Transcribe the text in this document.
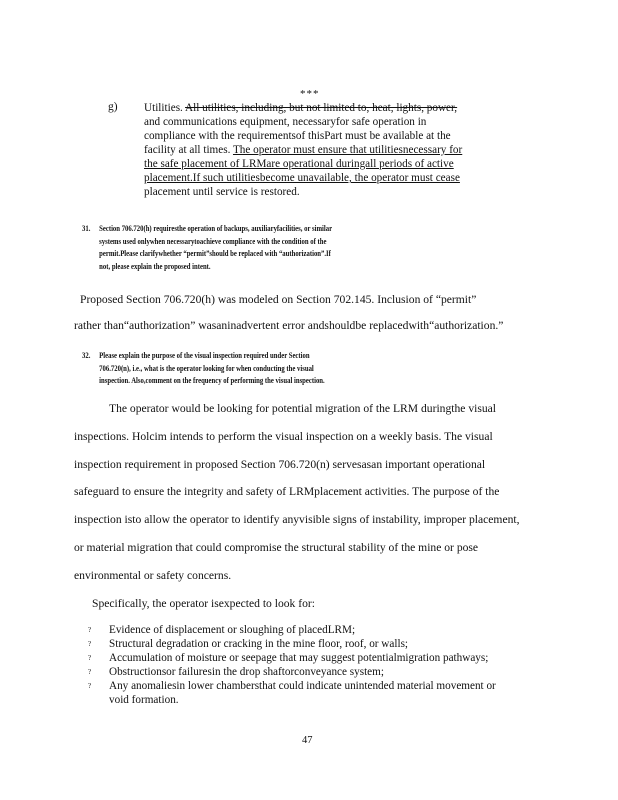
***
g) Utilities. All utilities, including, but not limited to, heat, lights, power,
and communications equipment, necessaryfor safe operation in
compliance with the requirementsof thisPart must be available at the
facility at all times. The operator must ensure that utilitiesnecessary for
the safe placement of LRMare operational duringall periods of active
placement.If such utilitiesbecome unavailable, the operator must cease
placement until service is restored.
31. Section 706.720(h) requiresthe operation of backups, auxiliaryfacilities, or similar
systems used onlywhen necessarytoachieve compliance with the condition of the
permit.Please clarifywhether “permit”should be replaced with “authorization”.If
not, please explain the proposed intent.
Proposed Section 706.720(h) was modeled on Section 702.145. Inclusion of “permit”
rather than“authorization” wasaninadvertent error andshouldbe replacedwith“authorization.”
32. Please explain the purpose of the visual inspection required under Section
706.720(n), i.e., what is the operator looking for when conducting the visual
inspection. Also,comment on the frequency of performing the visual inspection.
The operator would be looking for potential migration of the LRM duringthe visual
inspections. Holcim intends to perform the visual inspection on a weekly basis. The visual
inspection requirement in proposed Section 706.720(n) servesasan important operational
safeguard to ensure the integrity and safety of LRMplacement activities. The purpose of the
inspection isto allow the operator to identify anyvisible signs of instability, improper placement,
or material migration that could compromise the structural stability of the mine or pose
environmental or safety concerns.
Specifically, the operator isexpected to look for:
? Evidence of displacement or sloughing of placedLRM;
? Structural degradation or cracking in the mine floor, roof, or walls;
? Accumulation of moisture or seepage that may suggest potentialmigration pathways;
? Obstructionsor failuresin the drop shaftorconveyance system;
? Any anomaliesin lower chambersthat could indicate unintended material movement or
void formation.
47
